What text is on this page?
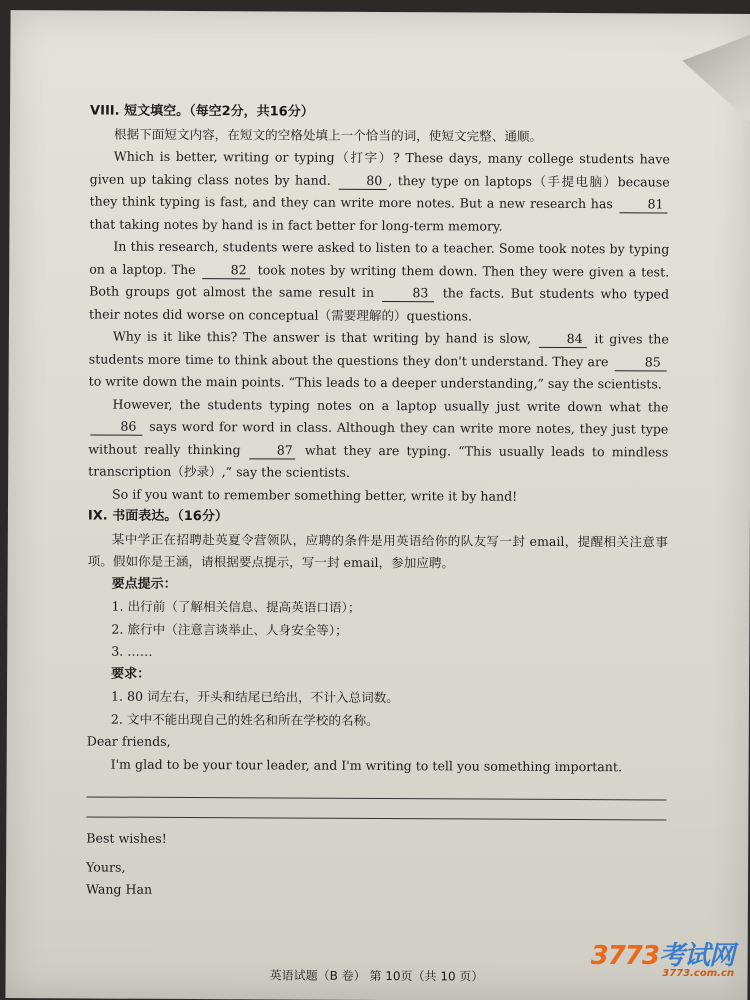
VIII. 短文填空。（每空2分，共16分）

根据下面短文内容，在短文的空格处填上一个恰当的词，使短文完整、通顺。

Which is better, writing or typing（打字）? These days, many college students have given up taking class notes by hand.	80 , they type on laptops（手提电脑）because they think typing is fast, and they can write more notes. But a new research has	81 that taking notes by hand is in fact better for long-term memory.

In this research, students were asked to listen to a teacher. Some took notes by typing on a laptop. The	82 took notes by writing them down. Then they were given a test. Both groups got almost the same result in	83 the facts. But students who typed their notes did worse on conceptual（需要理解的）questions.

Why is it like this? The answer is that writing by hand is slow,	84 it gives the students more time to think about the questions they don't understand. They are	85 to write down the main points. “This leads to a deeper understanding,” say the scientists.

However, the students typing notes on a laptop usually just write down what the 86 says word for word in class. Although they can write more notes, they just type without really thinking	87 what they are typing. “This usually leads to mindless transcription（抄录）,” say the scientists.

So if you want to remember something better, write it by hand!

IX. 书面表达。（16分）

某中学正在招聘赴英夏令营领队，应聘的条件是用英语给你的队友写一封 email，提醒相关注意事项。假如你是王涵，请根据要点提示，写一封 email，参加应聘。

要点提示：

1. 出行前（了解相关信息、提高英语口语）；

2. 旅行中（注意言谈举止、人身安全等）；

3. ……

要求：

1. 80 词左右，开头和结尾已给出，不计入总词数。

2. 文中不能出现自己的姓名和所在学校的名称。

Dear friends,

I'm glad to be your tour leader, and I'm writing to tell you something important.

Best wishes!

Yours,

Wang Han

英语试题（B 卷） 第 10页（共 10 页）
3773考试网
3773.com.cn
